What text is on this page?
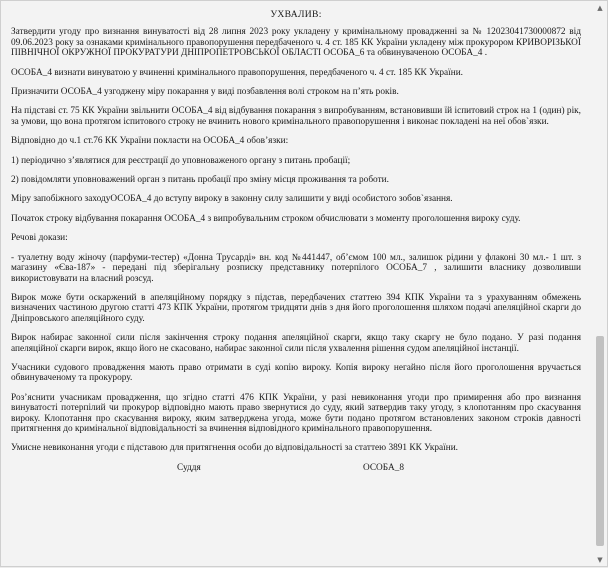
УХВАЛИВ:

Затвердити угоду про визнання винуватості від 28 липня 2023 року укладену у кримінальному провадженні за № 12023041730000872 від 09.06.2023 року за ознаками кримінального правопорушення передбаченого ч. 4 ст. 185 КК України укладену між прокурором КРИВОРІЗЬКОЇ ПІВНІЧНОЇ ОКРУЖНОЇ ПРОКУРАТУРИ ДНІПРОПЕТРОВСЬКОЇ ОБЛАСТІ ОСОБА_6 та обвинуваченою ОСОБА_4 .

ОСОБА_4 визнати винуватою у вчиненні кримінального правопорушення, передбаченого ч. 4 ст. 185 КК України.

Призначити ОСОБА_4 узгоджену міру покарання у виді позбавлення волі строком на п’ять років.

На підставі ст. 75 КК України звільнити ОСОБА_4 від відбування покарання з випробуванням, встановивши їй іспитовий строк на 1 (один) рік, за умови, що вона протягом іспитового строку не вчинить нового кримінального правопорушення і виконає покладені на неї обов`язки.

Відповідно до ч.1 ст.76 КК України покласти на ОСОБА_4 обов’язки:

1) періодично з’являтися для реєстрації до уповноваженого органу з питань пробації;

2) повідомляти уповноважений орган з питань пробації про зміну місця проживання та роботи.

Міру запобіжного заходуОСОБА_4 до вступу вироку в законну силу залишити у виді особистого зобов`язання.

Початок строку відбування покарання ОСОБА_4 з випробувальним строком обчислювати з моменту проголошення вироку суду.

Речові докази:

- туалетну воду жіночу (парфуми-тестер) «Донна Трусарді» вн. код №441447, об’ємом 100 мл., залишок рідини у флаконі 30 мл.- 1 шт. з магазину «Єва-187» - передані під зберігальну розписку представнику потерпілого ОСОБА_7 , залишити власнику дозволивши використовувати на власний розсуд.

Вирок може бути оскаржений в апеляційному порядку з підстав, передбачених статтею 394 КПК України та з урахуванням обмежень визначених частиною другою статті 473 КПК України, протягом тридцяти днів з дня його проголошення шляхом подачі апеляційної скарги до Дніпровського апеляційного суду.

Вирок набирає законної сили після закінчення строку подання апеляційної скарги, якщо таку скаргу не було подано. У разі подання апеляційної скарги вирок, якщо його не скасовано, набирає законної сили після ухвалення рішення судом апеляційної інстанції.

Учасники судового провадження мають право отримати в суді копію вироку. Копія вироку негайно після його проголошення вручається обвинуваченому та прокурору.

Роз’яснити учасникам провадження, що згідно статті 476 КПК України, у разі невиконання угоди про примирення або про визнання винуватості потерпілий чи прокурор відповідно мають право звернутися до суду, який затвердив таку угоду, з клопотанням про скасування вироку. Клопотання про скасування вироку, яким затверджена угода, може бути подано протягом встановлених законом строків давності притягнення до кримінальної відповідальності за вчинення відповідного кримінального правопорушення.

Умисне невиконання угоди є підставою для притягнення особи до відповідальності за статтею 3891 КК України.

Суддя	ОСОБА_8
▲
▼
